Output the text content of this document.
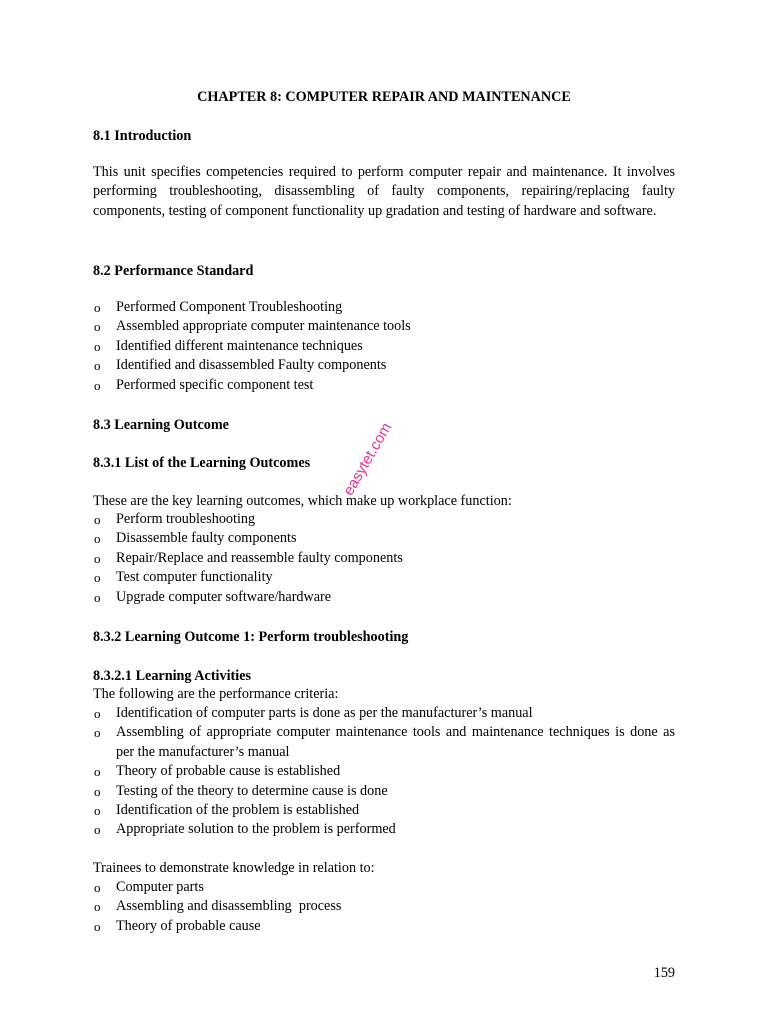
CHAPTER 8: COMPUTER REPAIR AND MAINTENANCE
8.1 Introduction
This unit specifies competencies required to perform computer repair and maintenance. It involves performing troubleshooting, disassembling of faulty components, repairing/replacing faulty components, testing of component functionality up gradation and testing of hardware and software.
8.2 Performance Standard
o Performed Component Troubleshooting
o Assembled appropriate computer maintenance tools
o Identified different maintenance techniques
o Identified and disassembled Faulty components
o Performed specific component test
8.3 Learning Outcome
8.3.1 List of the Learning Outcomes
These are the key learning outcomes, which make up workplace function:
o Perform troubleshooting
o Disassemble faulty components
o Repair/Replace and reassemble faulty components
o Test computer functionality
o Upgrade computer software/hardware
8.3.2 Learning Outcome 1: Perform troubleshooting
8.3.2.1 Learning Activities
The following are the performance criteria:
o Identification of computer parts is done as per the manufacturer’s manual
o Assembling of appropriate computer maintenance tools and maintenance techniques is done as per the manufacturer’s manual
o Theory of probable cause is established
o Testing of the theory to determine cause is done
o Identification of the problem is established
o Appropriate solution to the problem is performed
Trainees to demonstrate knowledge in relation to:
o Computer parts
o Assembling and disassembling  process
o Theory of probable cause
easytet.com
159
